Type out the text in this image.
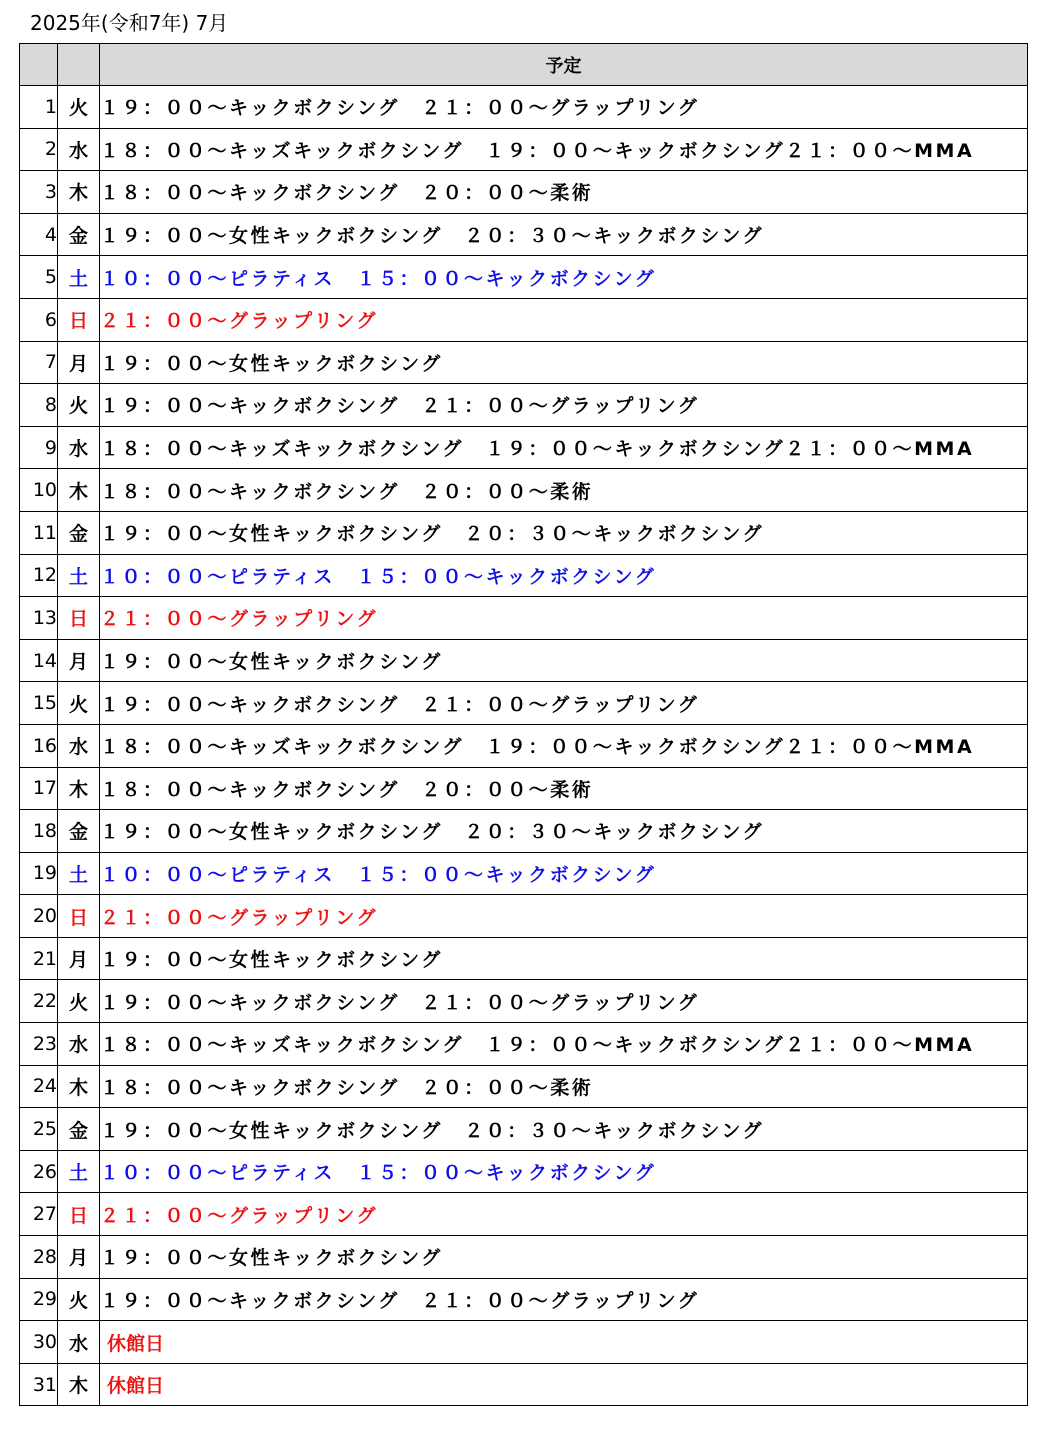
2025年(令和7年) 7月
		予定
1	火	１９：００～キックボクシング　２１：００～グラップリング
2	水	１８：００～キッズキックボクシング　１９：００～キックボクシング２１：００～MMA
3	木	１８：００～キックボクシング　２０：００～柔術
4	金	１９：００～女性キックボクシング　２０：３０～キックボクシング
5	土	１０：００～ピラティス　１５：００～キックボクシング
6	日	２１：００～グラップリング
7	月	１９：００～女性キックボクシング
8	火	１９：００～キックボクシング　２１：００～グラップリング
9	水	１８：００～キッズキックボクシング　１９：００～キックボクシング２１：００～MMA
10	木	１８：００～キックボクシング　２０：００～柔術
11	金	１９：００～女性キックボクシング　２０：３０～キックボクシング
12	土	１０：００～ピラティス　１５：００～キックボクシング
13	日	２１：００～グラップリング
14	月	１９：００～女性キックボクシング
15	火	１９：００～キックボクシング　２１：００～グラップリング
16	水	１８：００～キッズキックボクシング　１９：００～キックボクシング２１：００～MMA
17	木	１８：００～キックボクシング　２０：００～柔術
18	金	１９：００～女性キックボクシング　２０：３０～キックボクシング
19	土	１０：００～ピラティス　１５：００～キックボクシング
20	日	２１：００～グラップリング
21	月	１９：００～女性キックボクシング
22	火	１９：００～キックボクシング　２１：００～グラップリング
23	水	１８：００～キッズキックボクシング　１９：００～キックボクシング２１：００～MMA
24	木	１８：００～キックボクシング　２０：００～柔術
25	金	１９：００～女性キックボクシング　２０：３０～キックボクシング
26	土	１０：００～ピラティス　１５：００～キックボクシング
27	日	２１：００～グラップリング
28	月	１９：００～女性キックボクシング
29	火	１９：００～キックボクシング　２１：００～グラップリング
30	水	休館日
31	木	休館日
